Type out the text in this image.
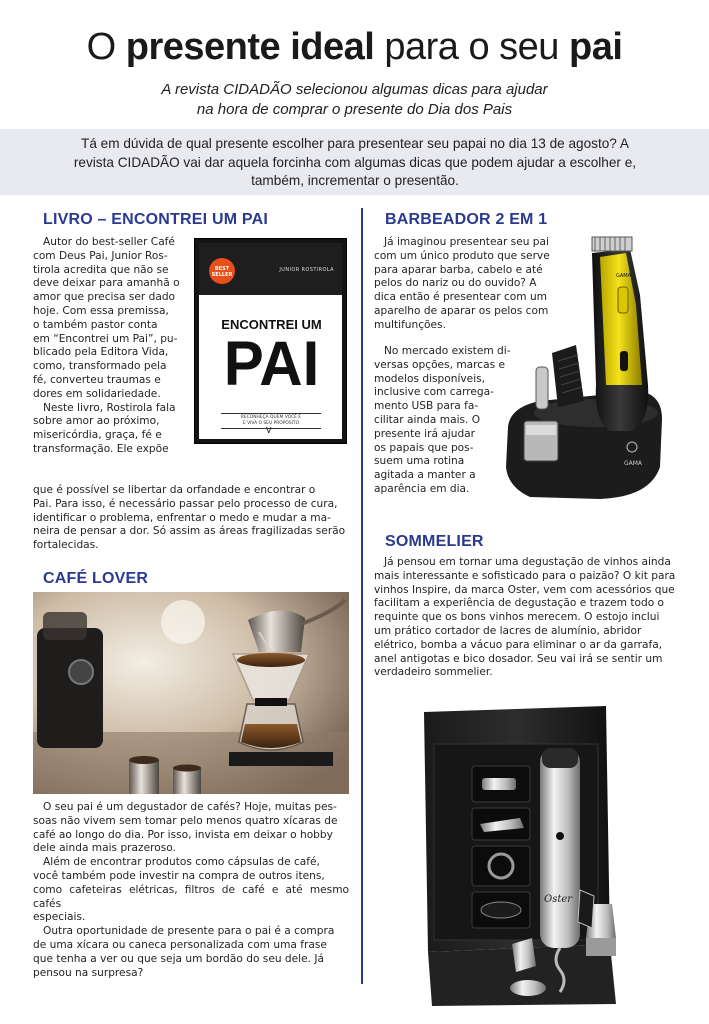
O presente ideal para o seu pai
A revista CIDADÃO selecionou algumas dicas para ajudar
na hora de comprar o presente do Dia dos Pais
Tá em dúvida de qual presente escolher para presentear seu papai no dia 13 de agosto? A
revista CIDADÃO vai dar aquela forcinha com algumas dicas que podem ajudar a escolher e,
também, incrementar o presentão.
LIVRO – ENCONTREI UM PAI
Autor do best-seller Café
com Deus Pai, Junior Ros-
tirola acredita que não se
deve deixar para amanhã o
amor que precisa ser dado
hoje. Com essa premissa,
o também pastor conta
em “Encontrei um Pai”, pu-
blicado pela Editora Vida,
como, transformado pela
fé, converteu traumas e
dores em solidariedade.
Neste livro, Rostirola fala
sobre amor ao próximo,
misericórdia, graça, fé e
transformação. Ele expõe
que é possível se libertar da orfandade e encontrar o
Pai. Para isso, é necessário passar pelo processo de cura,
identificar o problema, enfrentar o medo e mudar a ma-
neira de pensar a dor. Só assim as áreas fragilizadas serão
fortalecidas.
BEST
SELLER
JUNIOR ROSTIROLA
ENCONTREI UM
PAI
RECONHEÇA QUEM VOCÊ É
E VIVA O SEU PROPÓSITO
V
CAFÉ LOVER
O seu pai é um degustador de cafés? Hoje, muitas pes-
soas não vivem sem tomar pelo menos quatro xícaras de
café ao longo do dia. Por isso, invista em deixar o hobby
dele ainda mais prazeroso.
Além de encontrar produtos como cápsulas de café,
você também pode investir na compra de outros itens,
como cafeteiras elétricas, filtros de café e até mesmo cafés
especiais.
Outra oportunidade de presente para o pai é a compra
de uma xícara ou caneca personalizada com uma frase
que tenha a ver ou que seja um bordão do seu dele. Já
pensou na surpresa?
BARBEADOR 2 EM 1
Já imaginou presentear seu pai
com um único produto que serve
para aparar barba, cabelo e até
pelos do nariz ou do ouvido? A
dica então é presentear com um
aparelho de aparar os pelos com
multifunções.
No mercado existem di-
versas opções, marcas e
modelos disponíveis,
inclusive com carrega-
mento USB para fa-
cilitar ainda mais. O
presente irá ajudar
os papais que pos-
suem uma rotina
agitada a manter a
aparência em dia.
GAMA
GAMA
SOMMELIER
Já pensou em tornar uma degustação de vinhos ainda
mais interessante e sofisticado para o paizão? O kit para
vinhos Inspire, da marca Oster, vem com acessórios que
facilitam a experiência de degustação e trazem todo o
requinte que os bons vinhos merecem. O estojo inclui
um prático cortador de lacres de alumínio, abridor
elétrico, bomba a vácuo para eliminar o ar da garrafa,
anel antigotas e bico dosador. Seu vai irá se sentir um
verdadeiro sommelier.
Oster
